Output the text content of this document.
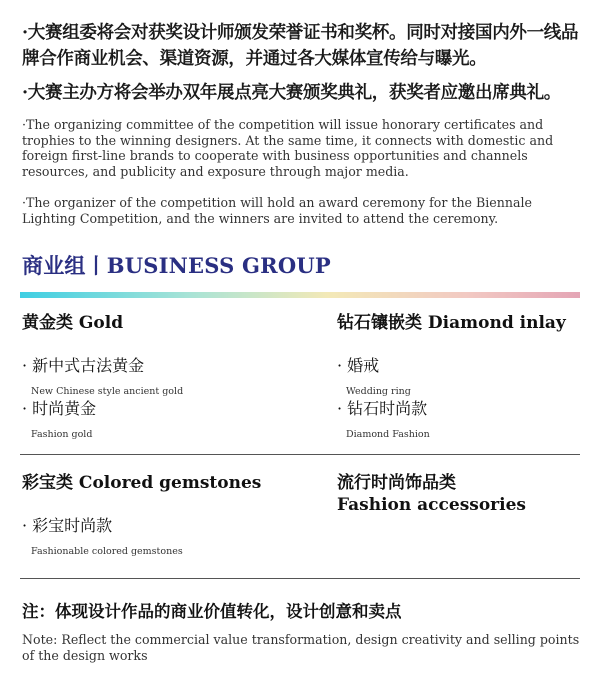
·大赛组委将会对获奖设计师颁发荣誉证书和奖杯。同时对接国内外一线品牌合作商业机会、渠道资源，并通过各大媒体宣传给与曝光。
·大赛主办方将会举办双年展点亮大赛颁奖典礼，获奖者应邀出席典礼。
·The organizing committee of the competition will issue honorary certificates and trophies to the winning designers. At the same time, it connects with domestic and foreign first-line brands to cooperate with business opportunities and channels resources, and publicity and exposure through major media.
·The organizer of the competition will hold an award ceremony for the Biennale Lighting Competition, and the winners are invited to attend the ceremony.
商业组丨BUSINESS GROUP
黄金类 Gold
· 新中式古法黄金
New Chinese style ancient gold
· 时尚黄金
Fashion gold
钻石镶嵌类 Diamond inlay
· 婚戒
Wedding ring
· 钻石时尚款
Diamond Fashion
彩宝类 Colored gemstones
· 彩宝时尚款
Fashionable colored gemstones
流行时尚饰品类
Fashion accessories
注：体现设计作品的商业价值转化，设计创意和卖点
Note: Reflect the commercial value transformation, design creativity and selling points of the design works
